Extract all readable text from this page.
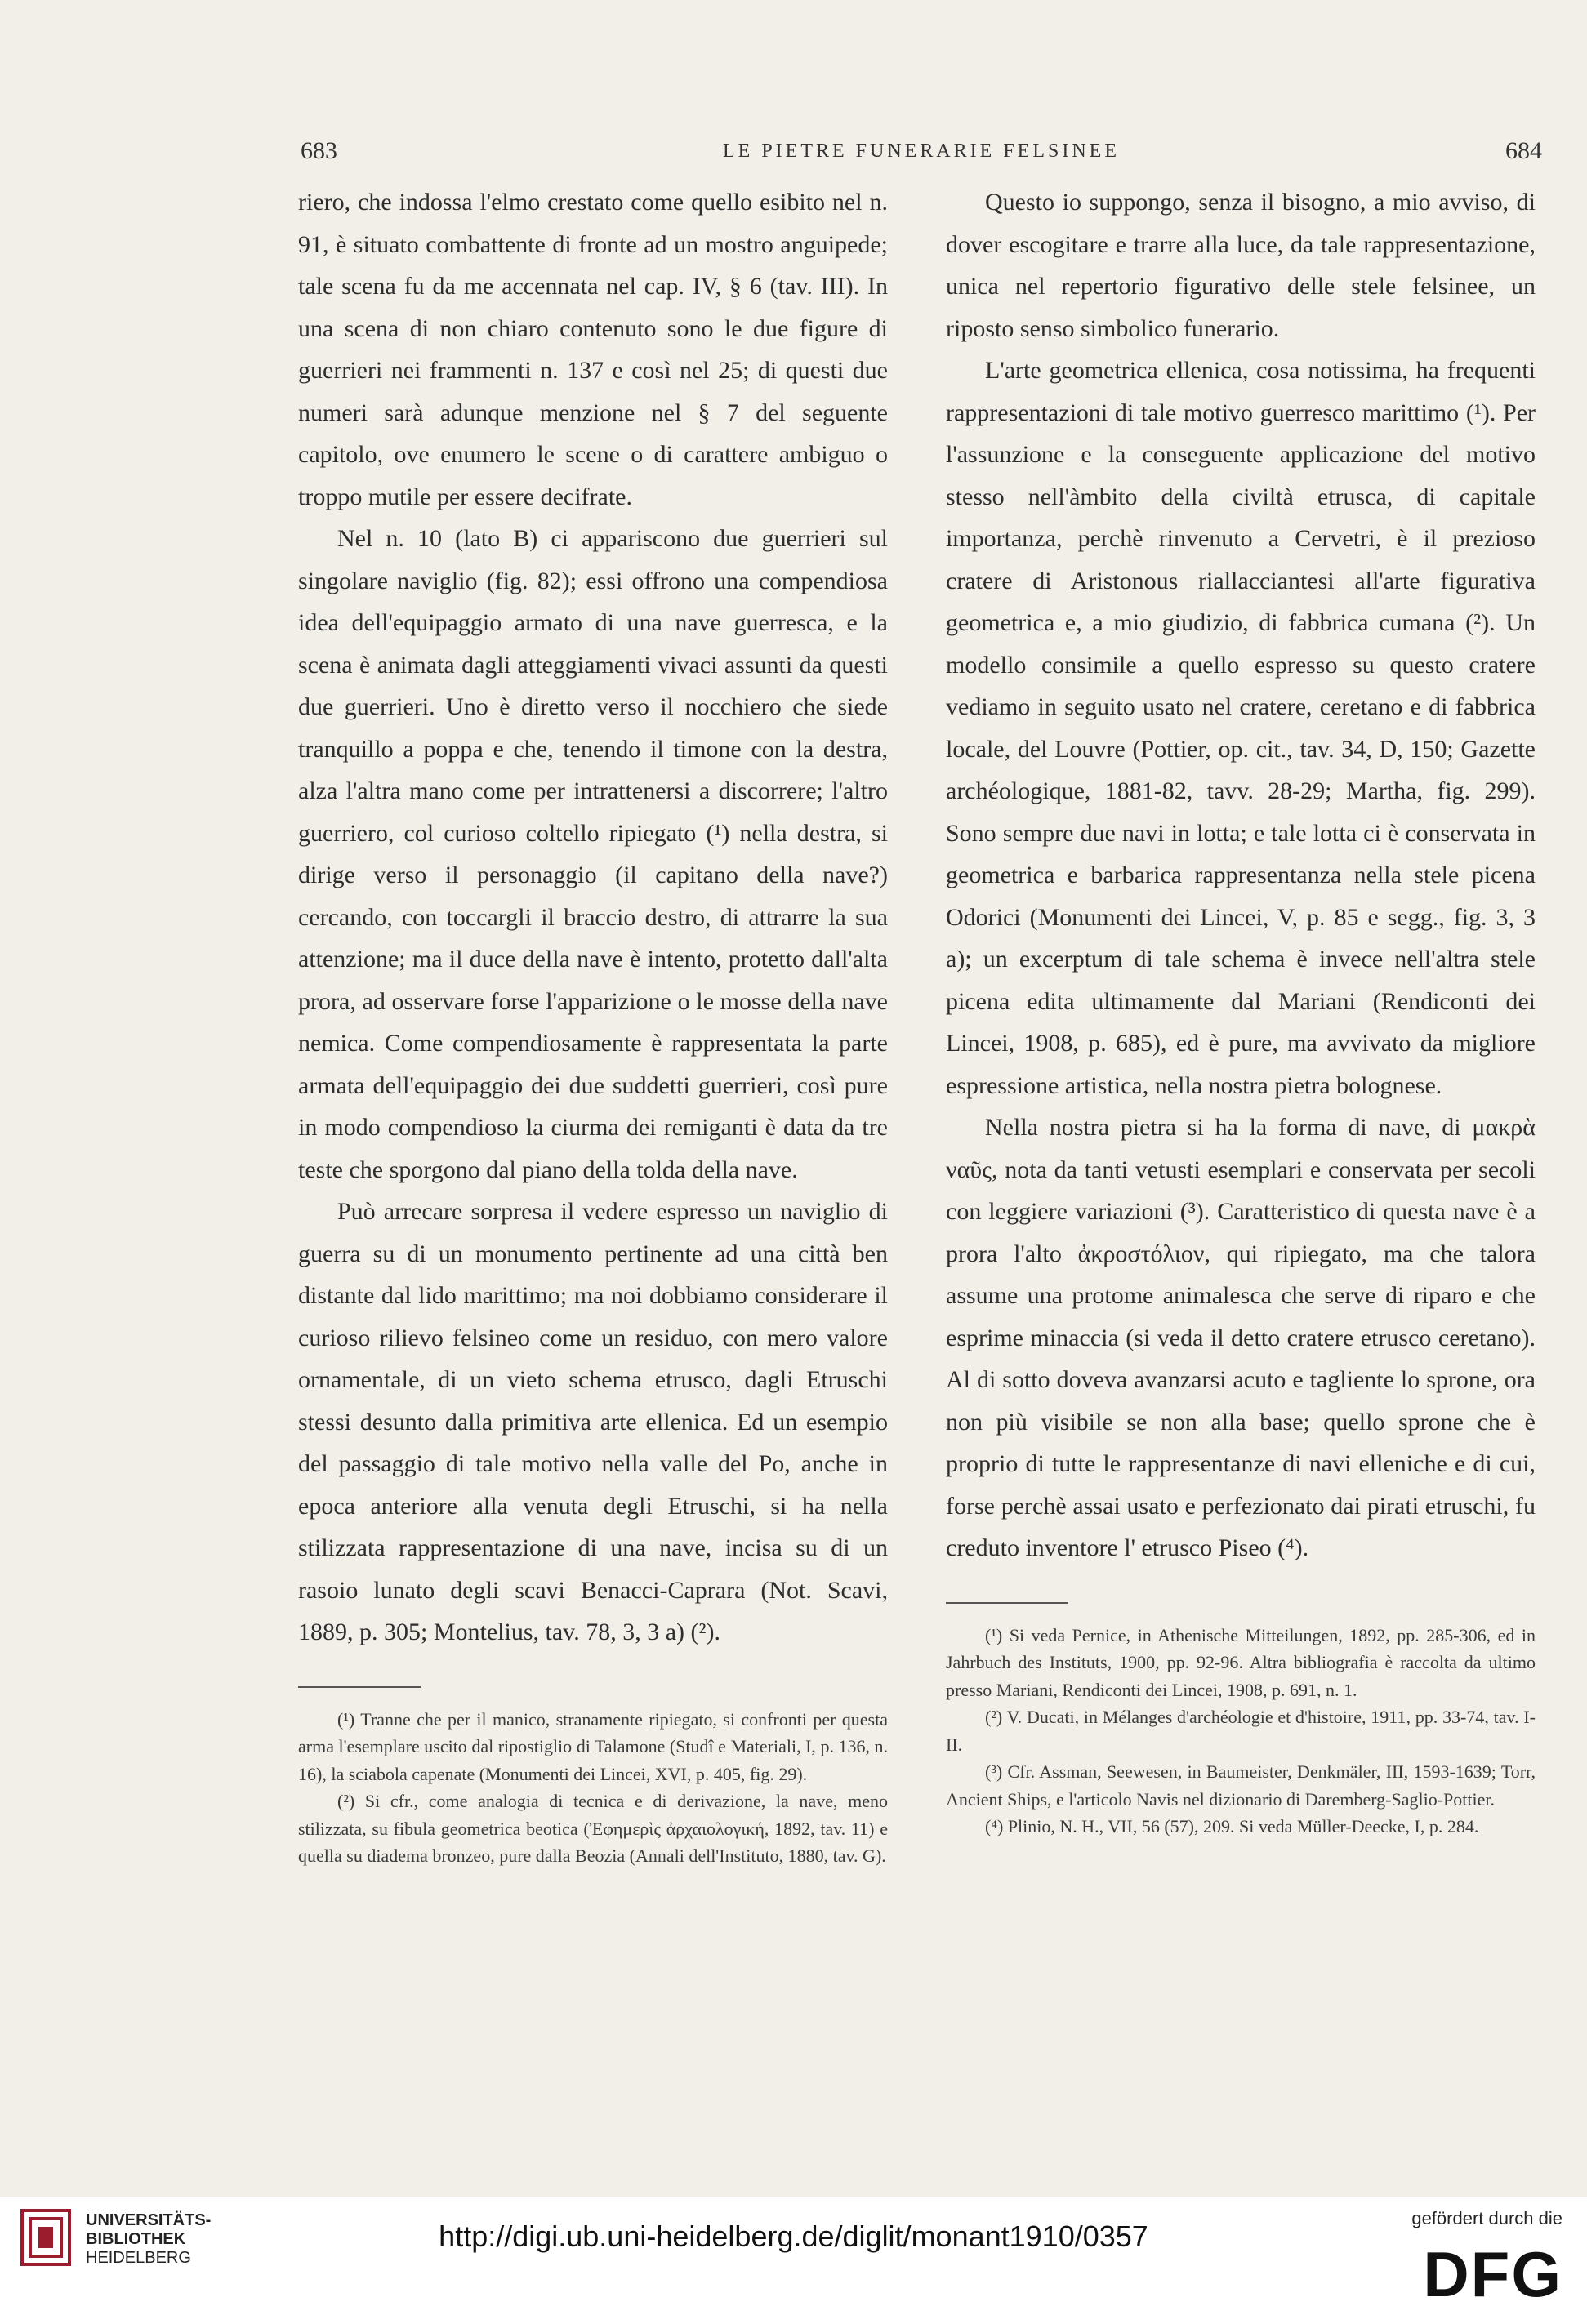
683	LE PIETRE FUNERARIE FELSINEE	684

riero, che indossa l'elmo crestato come quello esibito nel n. 91, è situato combattente di fronte ad un mostro anguipede; tale scena fu da me accennata nel cap. IV, § 6 (tav. III). In una scena di non chiaro contenuto sono le due figure di guerrieri nei frammenti n. 137 e così nel 25; di questi due numeri sarà adunque menzione nel § 7 del seguente capitolo, ove enumero le scene o di carattere ambiguo o troppo mutile per essere decifrate.

Nel n. 10 (lato B) ci appariscono due guerrieri sul singolare naviglio (fig. 82); essi offrono una compendiosa idea dell'equipaggio armato di una nave guerresca, e la scena è animata dagli atteggiamenti vivaci assunti da questi due guerrieri. Uno è diretto verso il nocchiero che siede tranquillo a poppa e che, tenendo il timone con la destra, alza l'altra mano come per intrattenersi a discorrere; l'altro guerriero, col curioso coltello ripiegato (¹) nella destra, si dirige verso il personaggio (il capitano della nave?) cercando, con toccargli il braccio destro, di attrarre la sua attenzione; ma il duce della nave è intento, protetto dall'alta prora, ad osservare forse l'apparizione o le mosse della nave nemica. Come compendiosamente è rappresentata la parte armata dell'equipaggio dei due suddetti guerrieri, così pure in modo compendioso la ciurma dei remiganti è data da tre teste che sporgono dal piano della tolda della nave.

Può arrecare sorpresa il vedere espresso un naviglio di guerra su di un monumento pertinente ad una città ben distante dal lido marittimo; ma noi dobbiamo considerare il curioso rilievo felsineo come un residuo, con mero valore ornamentale, di un vieto schema etrusco, dagli Etruschi stessi desunto dalla primitiva arte ellenica. Ed un esempio del passaggio di tale motivo nella valle del Po, anche in epoca anteriore alla venuta degli Etruschi, si ha nella stilizzata rappresentazione di una nave, incisa su di un rasoio lunato degli scavi Benacci-Caprara (Not. Scavi, 1889, p. 305; Montelius, tav. 78, 3, 3 a) (²).

(¹) Tranne che per il manico, stranamente ripiegato, si confronti per questa arma l'esemplare uscito dal ripostiglio di Talamone (Studî e Materiali, I, p. 136, n. 16), la sciabola capenate (Monumenti dei Lincei, XVI, p. 405, fig. 29).

(²) Si cfr., come analogia di tecnica e di derivazione, la nave, meno stilizzata, su fibula geometrica beotica (Ἐφημερὶς ἀρχαιολογική, 1892, tav. 11) e quella su diadema bronzeo, pure dalla Beozia (Annali dell'Instituto, 1880, tav. G).

Questo io suppongo, senza il bisogno, a mio avviso, di dover escogitare e trarre alla luce, da tale rappresentazione, unica nel repertorio figurativo delle stele felsinee, un riposto senso simbolico funerario.

L'arte geometrica ellenica, cosa notissima, ha frequenti rappresentazioni di tale motivo guerresco marittimo (¹). Per l'assunzione e la conseguente applicazione del motivo stesso nell'àmbito della civiltà etrusca, di capitale importanza, perchè rinvenuto a Cervetri, è il prezioso cratere di Aristonous riallacciantesi all'arte figurativa geometrica e, a mio giudizio, di fabbrica cumana (²). Un modello consimile a quello espresso su questo cratere vediamo in seguito usato nel cratere, ceretano e di fabbrica locale, del Louvre (Pottier, op. cit., tav. 34, D, 150; Gazette archéologique, 1881-82, tavv. 28-29; Martha, fig. 299). Sono sempre due navi in lotta; e tale lotta ci è conservata in geometrica e barbarica rappresentanza nella stele picena Odorici (Monumenti dei Lincei, V, p. 85 e segg., fig. 3, 3 a); un excerptum di tale schema è invece nell'altra stele picena edita ultimamente dal Mariani (Rendiconti dei Lincei, 1908, p. 685), ed è pure, ma avvivato da migliore espressione artistica, nella nostra pietra bolognese.

Nella nostra pietra si ha la forma di nave, di μακρὰ ναῦς, nota da tanti vetusti esemplari e conservata per secoli con leggiere variazioni (³). Caratteristico di questa nave è a prora l'alto ἀκροστόλιον, qui ripiegato, ma che talora assume una protome animalesca che serve di riparo e che esprime minaccia (si veda il detto cratere etrusco ceretano). Al di sotto doveva avanzarsi acuto e tagliente lo sprone, ora non più visibile se non alla base; quello sprone che è proprio di tutte le rappresentanze di navi elleniche e di cui, forse perchè assai usato e perfezionato dai pirati etruschi, fu creduto inventore l' etrusco Piseo (⁴).

(¹) Si veda Pernice, in Athenische Mitteilungen, 1892, pp. 285-306, ed in Jahrbuch des Instituts, 1900, pp. 92-96. Altra bibliografia è raccolta da ultimo presso Mariani, Rendiconti dei Lincei, 1908, p. 691, n. 1.

(²) V. Ducati, in Mélanges d'archéologie et d'histoire, 1911, pp. 33-74, tav. I-II.

(³) Cfr. Assman, Seewesen, in Baumeister, Denkmäler, III, 1593-1639; Torr, Ancient Ships, e l'articolo Navis nel dizionario di Daremberg-Saglio-Pottier.

(⁴) Plinio, N. H., VII, 56 (57), 209. Si veda Müller-Deecke, I, p. 284.

UNIVERSITÄTS-
BIBLIOTHEK
HEIDELBERG
http://digi.ub.uni-heidelberg.de/diglit/monant1910/0357
gefördert durch die
DFG
